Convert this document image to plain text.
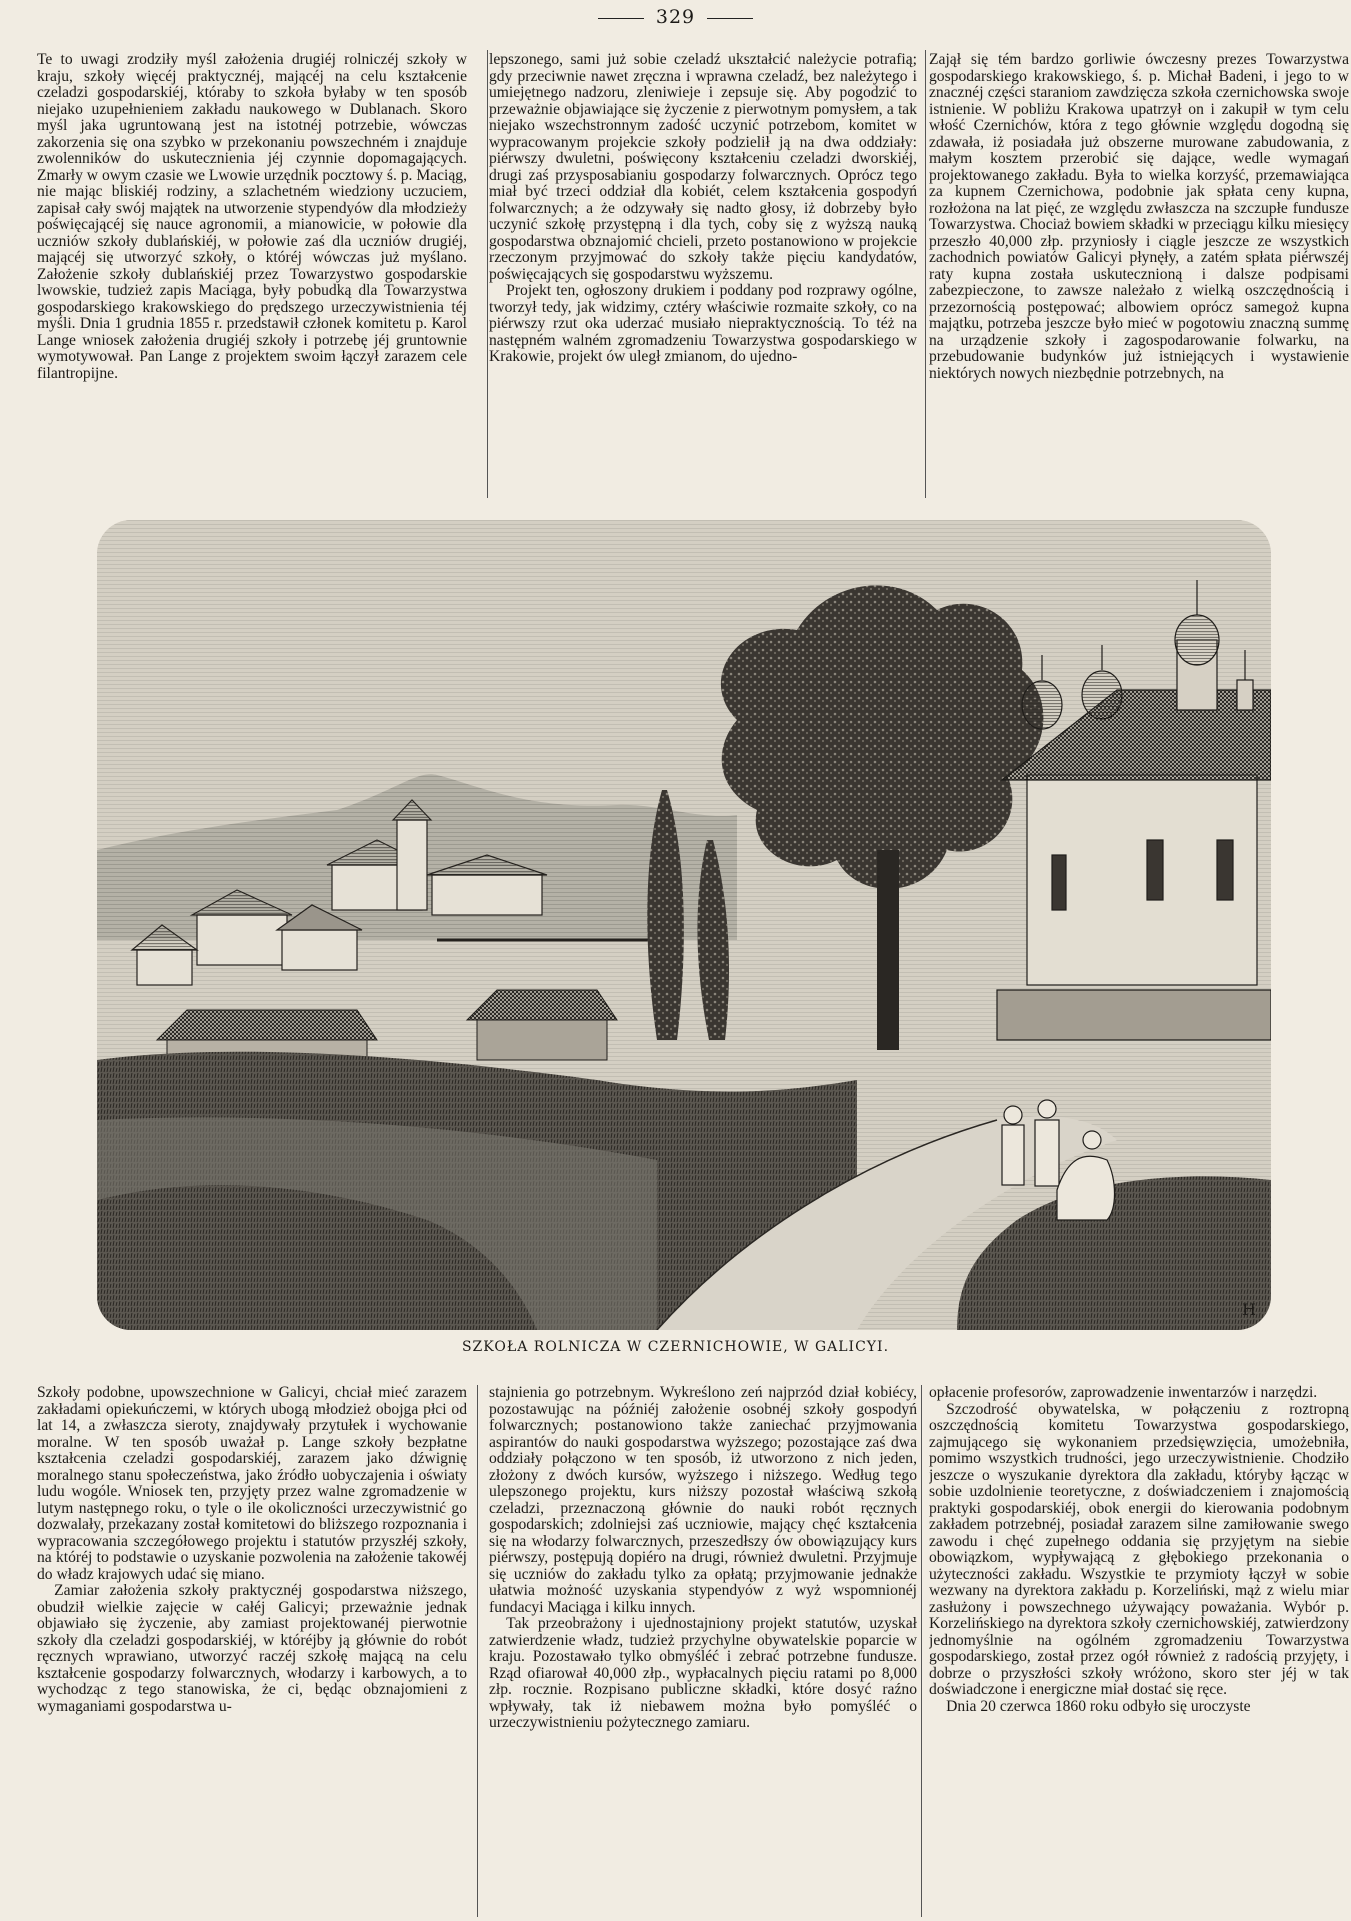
329

Te to uwagi zrodziły myśl założenia drugiéj rolniczéj szkoły w kraju, szkoły więcéj praktycznéj, mającéj na celu kształcenie czeladzi gospodarskiéj, któraby to szkoła byłaby w ten sposób niejako uzupełnieniem zakładu naukowego w Dublanach. Skoro myśl jaka ugruntowaną jest na istotnéj potrzebie, wówczas zakorzenia się ona szybko w przekonaniu powszechném i znajduje zwolenników do uskutecznienia jéj czynnie dopomagających. Zmarły w owym czasie we Lwowie urzędnik pocztowy ś. p. Maciąg, nie mając bliskiéj rodziny, a szlachetném wiedziony uczuciem, zapisał cały swój majątek na utworzenie stypendyów dla młodzieży poświęcającéj się nauce agronomii, a mianowicie, w połowie dla uczniów szkoły dublańskiéj, w połowie zaś dla uczniów drugiéj, mającéj się utworzyć szkoły, o któréj wówczas już myślano. Założenie szkoły dublańskiéj przez Towarzystwo gospodarskie lwowskie, tudzież zapis Maciąga, były pobudką dla Towarzystwa gospodarskiego krakowskiego do prędszego urzeczywistnienia téj myśli. Dnia 1 grudnia 1855 r. przedstawił członek komitetu p. Karol Lange wniosek założenia drugiéj szkoły i potrzebę jéj gruntownie wymotywował. Pan Lange z projektem swoim łączył zarazem cele filantropijne.

lepszonego, sami już sobie czeladź ukształcić należycie potrafią; gdy przeciwnie nawet zręczna i wprawna czeladź, bez należytego i umiejętnego nadzoru, zleniwieje i zepsuje się. Aby pogodzić to przeważnie objawiające się życzenie z pierwotnym pomysłem, a tak niejako wszechstronnym zadość uczynić potrzebom, komitet w wypracowanym projekcie szkoły podzielił ją na dwa oddziały: piérwszy dwuletni, poświęcony kształceniu czeladzi dworskiéj, drugi zaś przysposabianiu gospodarzy folwarcznych. Oprócz tego miał być trzeci oddział dla kobiét, celem kształcenia gospodyń folwarcznych; a że odzywały się nadto głosy, iż dobrzeby było uczynić szkołę przystępną i dla tych, coby się z wyższą nauką gospodarstwa obznajomić chcieli, przeto postanowiono w projekcie rzeczonym przyjmować do szkoły także pięciu kandydatów, poświęcających się gospodarstwu wyższemu.

Projekt ten, ogłoszony drukiem i poddany pod rozprawy ogólne, tworzył tedy, jak widzimy, cztéry właściwie rozmaite szkoły, co na piérwszy rzut oka uderzać musiało niepraktycznością. To téż na następném walném zgromadzeniu Towarzystwa gospodarskiego w Krakowie, projekt ów uległ zmianom, do ujedno-

Zajął się tém bardzo gorliwie ówczesny prezes Towarzystwa gospodarskiego krakowskiego, ś. p. Michał Badeni, i jego to w znacznéj części staraniom zawdzięcza szkoła czernichowska swoje istnienie. W pobliżu Krakowa upatrzył on i zakupił w tym celu włość Czernichów, która z tego głównie względu dogodną się zdawała, iż posiadała już obszerne murowane zabudowania, z małym kosztem przerobić się dające, wedle wymagań projektowanego zakładu. Była to wielka korzyść, przemawiająca za kupnem Czernichowa, podobnie jak spłata ceny kupna, rozłożona na lat pięć, ze względu zwłaszcza na szczupłe fundusze Towarzystwa. Chociaż bowiem składki w przeciągu kilku miesięcy przeszło 40,000 złp. przyniosły i ciągle jeszcze ze wszystkich zachodnich powiatów Galicyi płynęły, a zatém spłata piérwszéj raty kupna została uskutecznioną i dalsze podpisami zabezpieczone, to zawsze należało z wielką oszczędnością i przezornością postępować; albowiem oprócz samegoż kupna majątku, potrzeba jeszcze było mieć w pogotowiu znaczną summę na urządzenie szkoły i zagospodarowanie folwarku, na przebudowanie budynków już istniejących i wystawienie niektórych nowych niezbędnie potrzebnych, na

H
SZKOŁA ROLNICZA W CZERNICHOWIE, W GALICYI.

Szkoły podobne, upowszechnione w Galicyi, chciał mieć zarazem zakładami opiekuńczemi, w których ubogą młodzież obojga płci od lat 14, a zwłaszcza sieroty, znajdywały przytułek i wychowanie moralne. W ten sposób uważał p. Lange szkoły bezpłatne kształcenia czeladzi gospodarskiéj, zarazem jako dźwignię moralnego stanu społeczeństwa, jako źródło uobyczajenia i oświaty ludu wogóle. Wniosek ten, przyjęty przez walne zgromadzenie w lutym następnego roku, o tyle o ile okoliczności urzeczywistnić go dozwalały, przekazany został komitetowi do bliższego rozpoznania i wypracowania szczegółowego projektu i statutów przyszłéj szkoły, na któréj to podstawie o uzyskanie pozwolenia na założenie takowéj do władz krajowych udać się miano.

Zamiar założenia szkoły praktycznéj gospodarstwa niższego, obudził wielkie zajęcie w całéj Galicyi; przeważnie jednak objawiało się życzenie, aby zamiast projektowanéj pierwotnie szkoły dla czeladzi gospodarskiéj, w któréjby ją głównie do robót ręcznych wprawiano, utworzyć raczéj szkołę mającą na celu kształcenie gospodarzy folwarcznych, włodarzy i karbowych, a to wychodząc z tego stanowiska, że ci, będąc obznajomieni z wymaganiami gospodarstwa u-

stajnienia go potrzebnym. Wykreślono zeń najprzód dział kobiécy, pozostawując na późniéj założenie osobnéj szkoły gospodyń folwarcznych; postanowiono także zaniechać przyjmowania aspirantów do nauki gospodarstwa wyższego; pozostające zaś dwa oddziały połączono w ten sposób, iż utworzono z nich jeden, złożony z dwóch kursów, wyższego i niższego. Według tego ulepszonego projektu, kurs niższy pozostał właściwą szkołą czeladzi, przeznaczoną głównie do nauki robót ręcznych gospodarskich; zdolniejsi zaś uczniowie, mający chęć kształcenia się na włodarzy folwarcznych, przeszedłszy ów obowiązujący kurs piérwszy, postępują dopiéro na drugi, również dwuletni. Przyjmuje się uczniów do zakładu tylko za opłatą; przyjmowanie jednakże ułatwia możność uzyskania stypendyów z wyż wspomnionéj fundacyi Maciąga i kilku innych.

Tak przeobrażony i ujednostajniony projekt statutów, uzyskał zatwierdzenie władz, tudzież przychylne obywatelskie poparcie w kraju. Pozostawało tylko obmyśléć i zebrać potrzebne fundusze. Rząd ofiarował 40,000 złp., wypłacalnych pięciu ratami po 8,000 złp. rocznie. Rozpisano publiczne składki, które dosyć raźno wpływały, tak iż niebawem można było pomyśléć o urzeczywistnieniu pożytecznego zamiaru.

opłacenie profesorów, zaprowadzenie inwentarzów i narzędzi.

Szczodrość obywatelska, w połączeniu z roztropną oszczędnością komitetu Towarzystwa gospodarskiego, zajmującego się wykonaniem przedsięwzięcia, umożebniła, pomimo wszystkich trudności, jego urzeczywistnienie. Chodziło jeszcze o wyszukanie dyrektora dla zakładu, któryby łącząc w sobie uzdolnienie teoretyczne, z doświadczeniem i znajomością praktyki gospodarskiéj, obok energii do kierowania podobnym zakładem potrzebnéj, posiadał zarazem silne zamiłowanie swego zawodu i chęć zupełnego oddania się przyjętym na siebie obowiązkom, wypływającą z głębokiego przekonania o użyteczności zakładu. Wszystkie te przymioty łączył w sobie wezwany na dyrektora zakładu p. Korzeliński, mąż z wielu miar zasłużony i powszechnego używający poważania. Wybór p. Korzelińskiego na dyrektora szkoły czernichowskiéj, zatwierdzony jednomyślnie na ogólném zgromadzeniu Towarzystwa gospodarskiego, został przez ogół również z radością przyjęty, i dobrze o przyszłości szkoły wróżono, skoro ster jéj w tak doświadczone i energiczne miał dostać się ręce.

Dnia 20 czerwca 1860 roku odbyło się uroczyste
